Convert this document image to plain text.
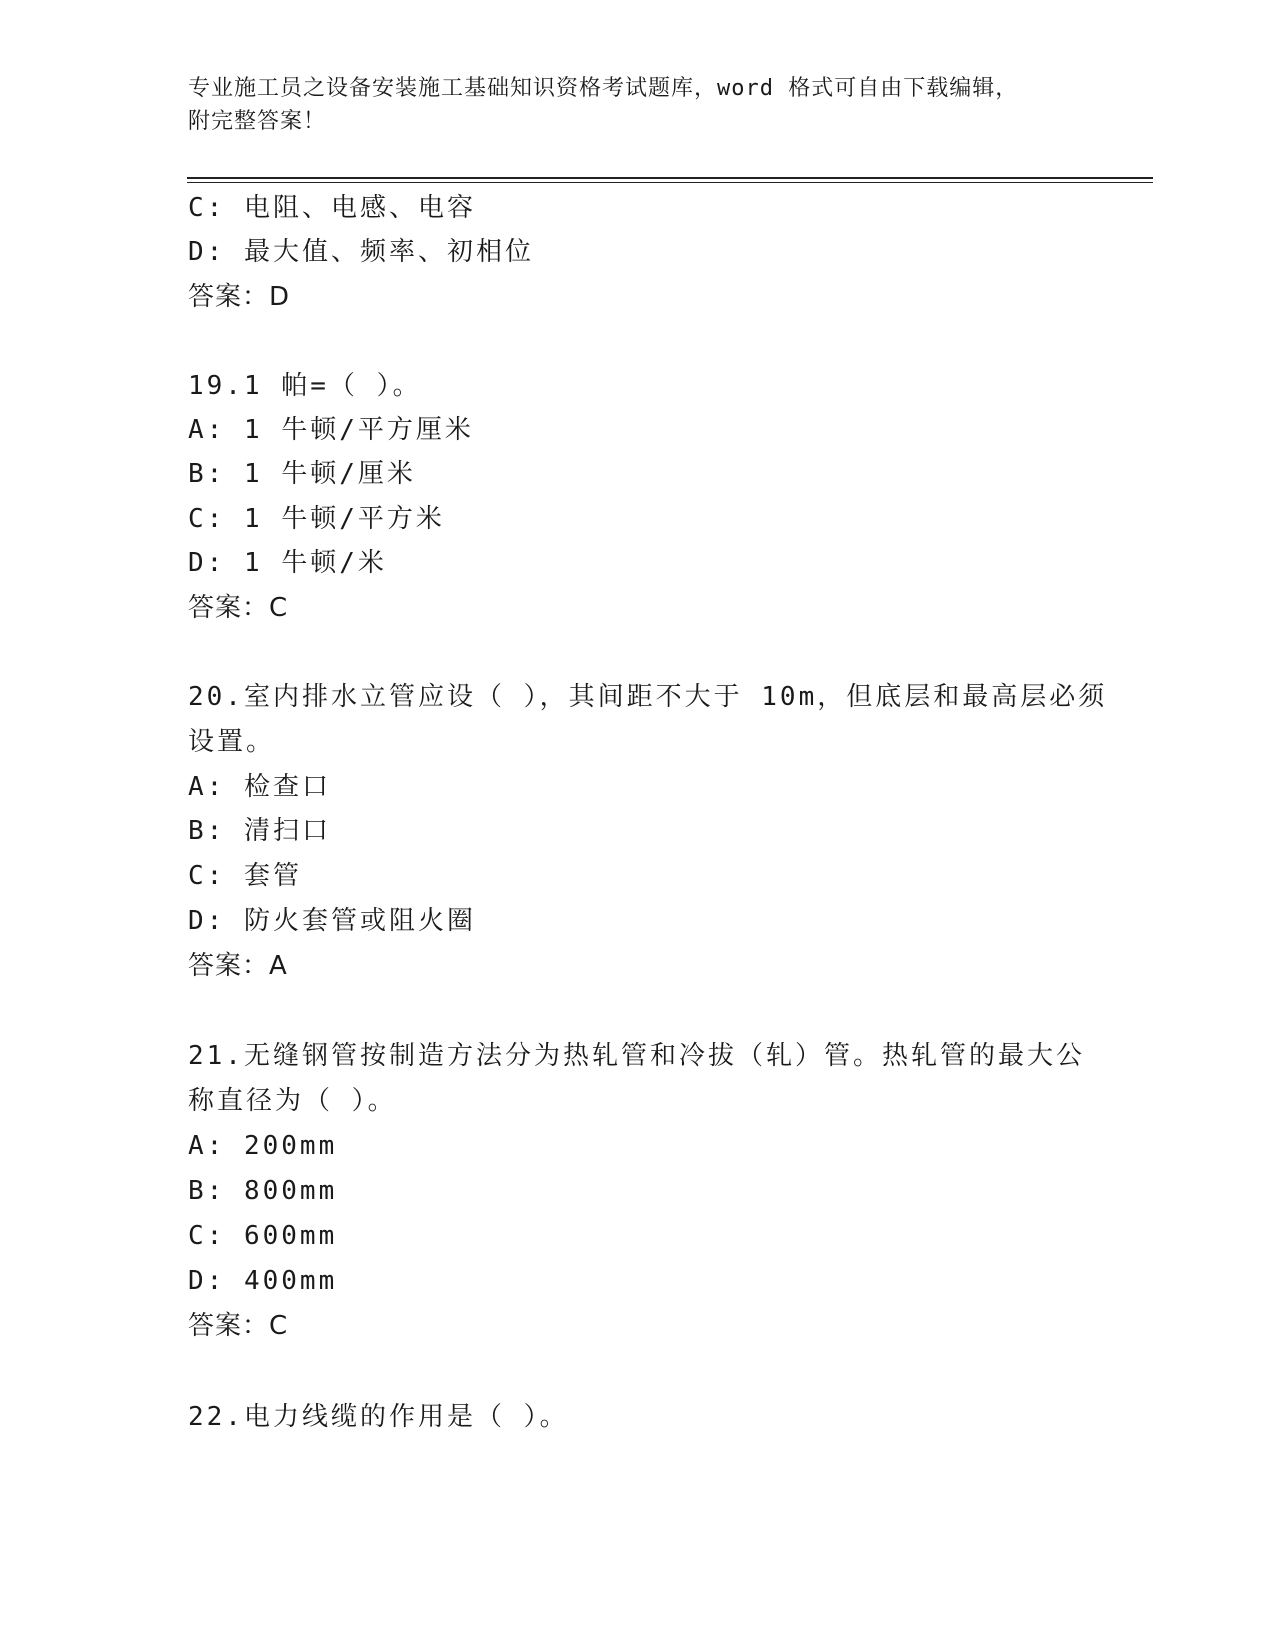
专业施工员之设备安装施工基础知识资格考试题库，word 格式可自由下载编辑，
附完整答案！
C: 电阻、电感、电容
D: 最大值、频率、初相位
答案：D
19.1 帕=（ ）。
A: 1 牛顿/平方厘米
B: 1 牛顿/厘米
C: 1 牛顿/平方米
D: 1 牛顿/米
答案：C
20.室内排水立管应设（ ），其间距不大于 10m，但底层和最高层必须
设置。
A: 检查口
B: 清扫口
C: 套管
D: 防火套管或阻火圈
答案：A
21.无缝钢管按制造方法分为热轧管和冷拔（轧）管。热轧管的最大公
称直径为（ ）。
A: 200mm
B: 800mm
C: 600mm
D: 400mm
答案：C
22.电力线缆的作用是（ ）。
